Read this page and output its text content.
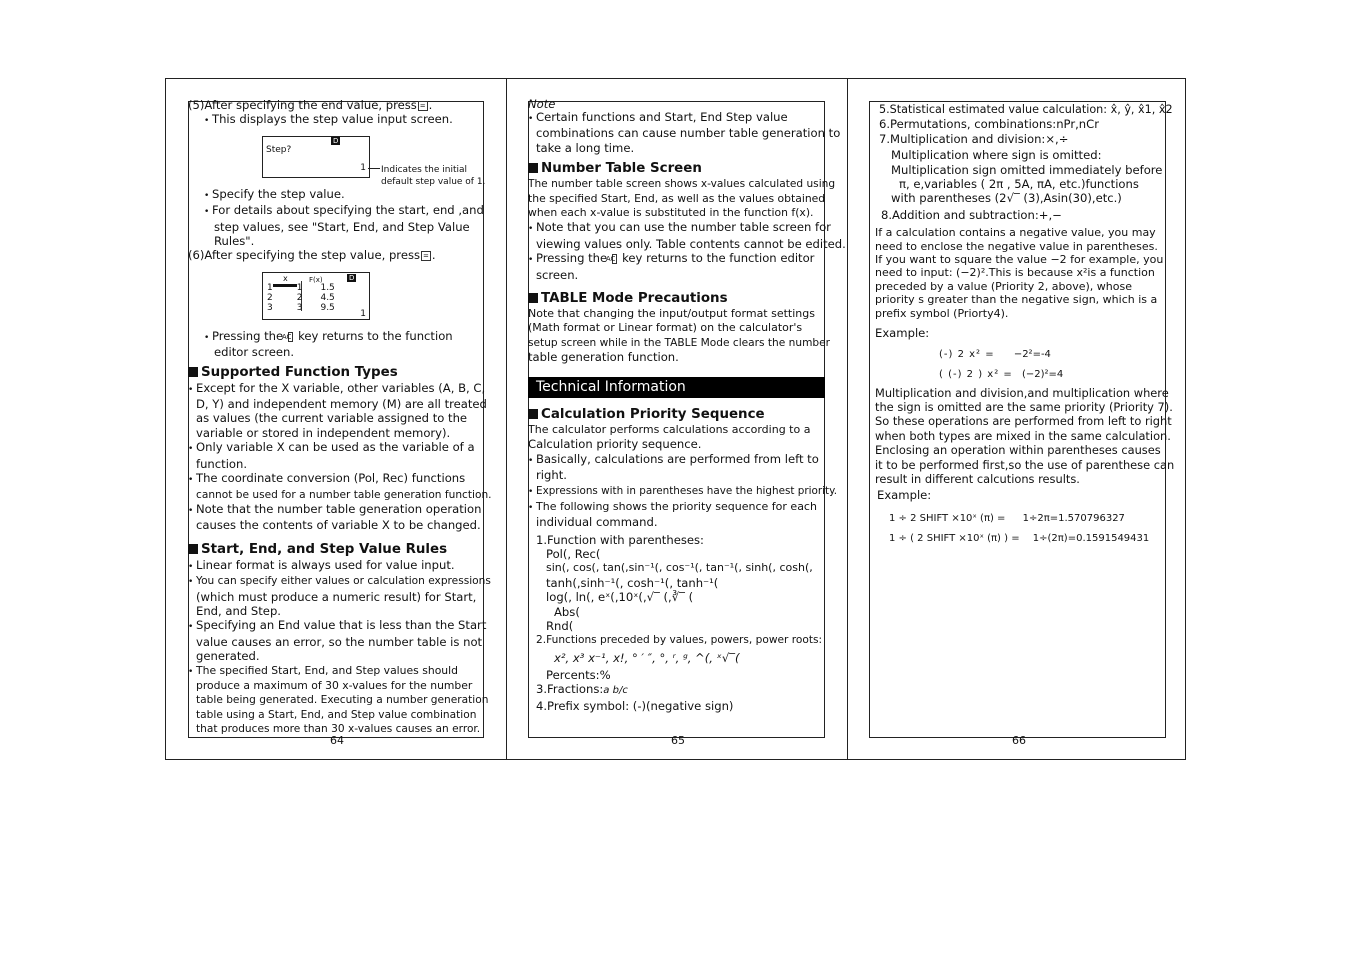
(5)After specifying the end value, press = .
• This displays the step value input screen.
• Specify the step value.
• For details about specifying the start, end ,and
step values, see "Start, End, and Step Value
Rules".
(6)After specifying the step value, press = .
• Pressing the AC key returns to the function
editor screen.
Supported Function Types
• Except for the X variable, other variables (A, B, C,
D, Y) and independent memory (M) are all treated
as values (the current variable assigned to the
variable or stored in independent memory).
• Only variable X can be used as the variable of a
function.
• The coordinate conversion (Pol, Rec) functions
cannot be used for a number table generation function.
• Note that the number table generation operation
causes the contents of variable X to be changed.
Start, End, and Step Value Rules
• Linear format is always used for value input.
• You can specify either values or calculation expressions
(which must produce a numeric result) for Start,
End, and Step.
• Specifying an End value that is less than the Start
value causes an error, so the number table is not
generated.
• The specified Start, End, and Step values should
produce a maximum of 30 x-values for the number
table being generated. Executing a number generation
table using a Start, End, and Step value combination
that produces more than 30 x-values causes an error.
Step?
D
1 Indicates the initial
default step value of 1.
x	F(x)	D
1	1	1.5
2	2	4.5
3	3	9.5
1
64
Note
• Certain functions and Start, End Step value
combinations can cause number table generation to
take a long time.
Number Table Screen
The number table screen shows x-values calculated using
the specified Start, End, as well as the values obtained
when each x-value is substituted in the function f(x).
• Note that you can use the number table screen for
viewing values only. Table contents cannot be edited.
• Pressing the AC key returns to the function editor
screen.
TABLE Mode Precautions
Note that changing the input/output format settings
(Math format or Linear format) on the calculator's
setup screen while in the TABLE Mode clears the number
table generation function.
Technical Information
Calculation Priority Sequence
The calculator performs calculations according to a
Calculation priority sequence.
• Basically, calculations are performed from left to
right.
• Expressions with in parentheses have the highest priority.
• The following shows the priority sequence for each
individual command.
1.Function with parentheses:
Pol(, Rec(
sin(, cos(, tan(,sin⁻¹(, cos⁻¹(, tan⁻¹(, sinh(, cosh(,
tanh(,sinh⁻¹(, cosh⁻¹(, tanh⁻¹(
log(, ln(, eˣ(,10ˣ(,√‾ (,∛‾ (
Abs(
Rnd(
2.Functions preceded by values, powers, power roots:
x², x³ x⁻¹, x!, ° ′ ″, °, ʳ, ᵍ, ^(, ˣ√‾(
Percents:%
3.Fractions:a b/c
4.Prefix symbol: (-)(negative sign)
65
5.Statistical estimated value calculation: x̂, ŷ, x̂1, x̂2
6.Permutations, combinations:nPr,nCr
7.Multiplication and division:×,÷
Multiplication where sign is omitted:
Multiplication sign omitted immediately before
π, e,variables ( 2π , 5A, πA, etc.)functions
with parentheses (2√‾ (3),Asin(30),etc.)
8.Addition and subtraction:+,−
If a calculation contains a negative value, you may
need to enclose the negative value in parentheses.
If you want to square the value −2 for example, you
need to input: (−2)².This is because x²is a function
preceded by a value (Priority 2, above), whose
priority s greater than the negative sign, which is a
prefix symbol (Priorty4).
Example:
(-) 2 x² = −2²=-4
( (-) 2 ) x² = (−2)²=4
Multiplication and division,and multiplication where
the sign is omitted are the same priority (Priority 7).
So these operations are performed from left to right
when both types are mixed in the same calculation.
Enclosing an operation within parentheses causes
it to be performed first,so the use of parenthese can
result in different calcutions results.
Example:
1 ÷ 2 SHIFT ×10ˣ (π) = 1÷2π=1.570796327
1 ÷ ( 2 SHIFT ×10ˣ (π) ) = 1÷(2π)=0.1591549431
66
